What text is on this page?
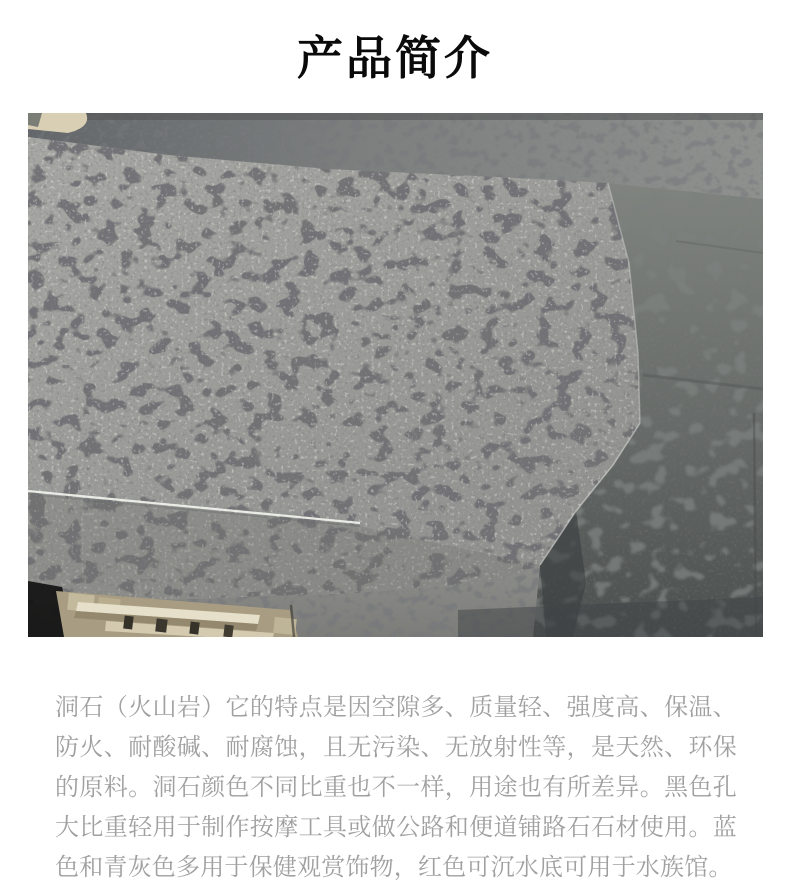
产品简介
洞石（火山岩）它的特点是因空隙多、质量轻、强度高、保温、防火、耐酸碱、耐腐蚀，且无污染、无放射性等，是天然、环保的原料。洞石颜色不同比重也不一样，用途也有所差异。黑色孔大比重轻用于制作按摩工具或做公路和便道铺路石石材使用。蓝色和青灰色多用于保健观赏饰物，红色可沉水底可用于水族馆。
